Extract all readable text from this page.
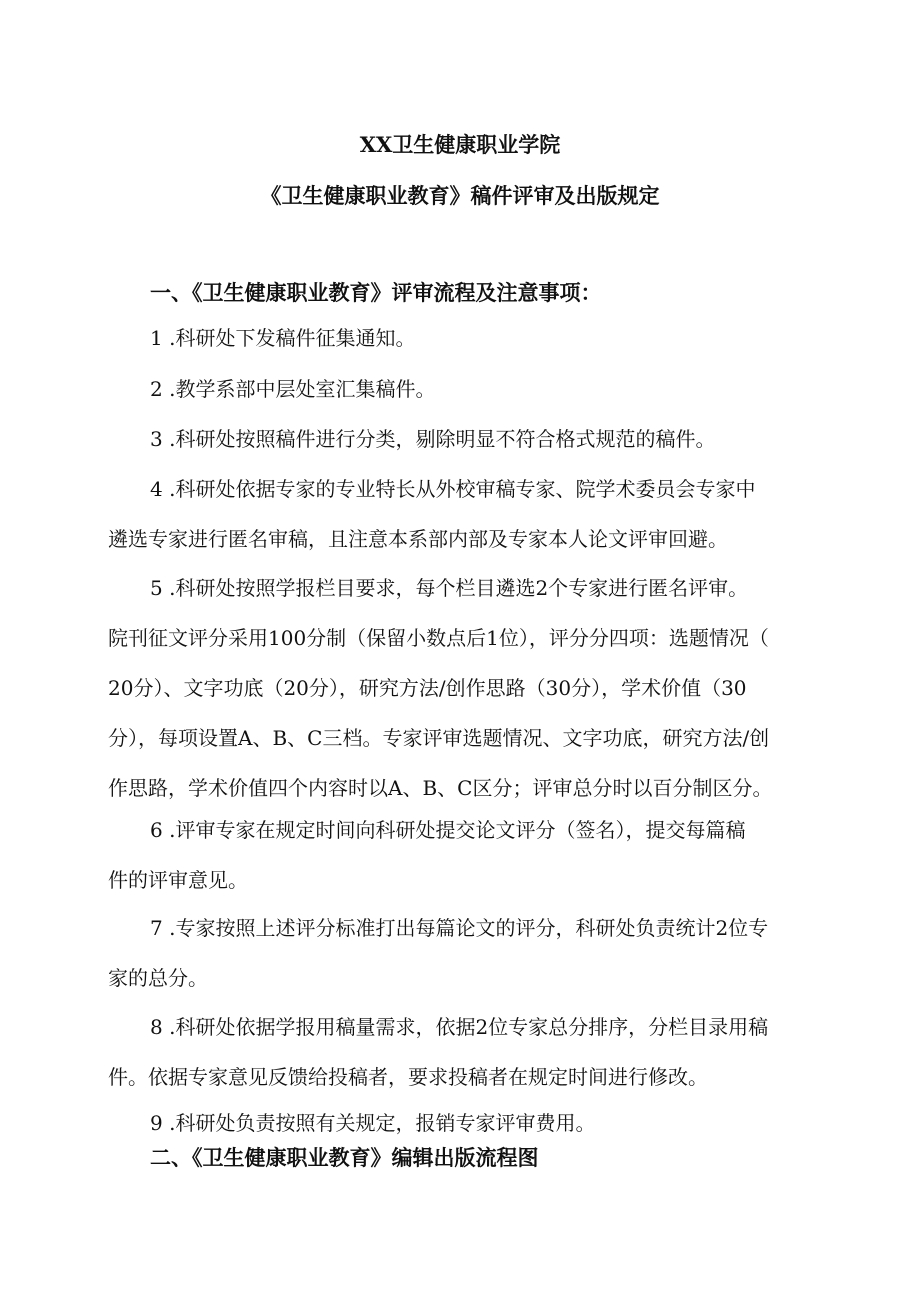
XX卫生健康职业学院
《卫生健康职业教育》稿件评审及出版规定
一、《卫生健康职业教育》评审流程及注意事项：
1 .科研处下发稿件征集通知。
2 .教学系部中层处室汇集稿件。
3 .科研处按照稿件进行分类，剔除明显不符合格式规范的稿件。
4 .科研处依据专家的专业特长从外校审稿专家、院学术委员会专家中
遴选专家进行匿名审稿，且注意本系部内部及专家本人论文评审回避。
5 .科研处按照学报栏目要求，每个栏目遴选2个专家进行匿名评审。
院刊征文评分采用100分制（保留小数点后1位），评分分四项：选题情况（
20分）、文字功底（20分），研究方法/创作思路（30分），学术价值（30
分），每项设置A、B、C三档。专家评审选题情况、文字功底，研究方法/创
作思路，学术价值四个内容时以A、B、C区分；评审总分时以百分制区分。
6 .评审专家在规定时间向科研处提交论文评分（签名），提交每篇稿
件的评审意见。
7 .专家按照上述评分标准打出每篇论文的评分，科研处负责统计2位专
家的总分。
8 .科研处依据学报用稿量需求，依据2位专家总分排序，分栏目录用稿
件。依据专家意见反馈给投稿者，要求投稿者在规定时间进行修改。
9 .科研处负责按照有关规定，报销专家评审费用。
二、《卫生健康职业教育》编辑出版流程图
